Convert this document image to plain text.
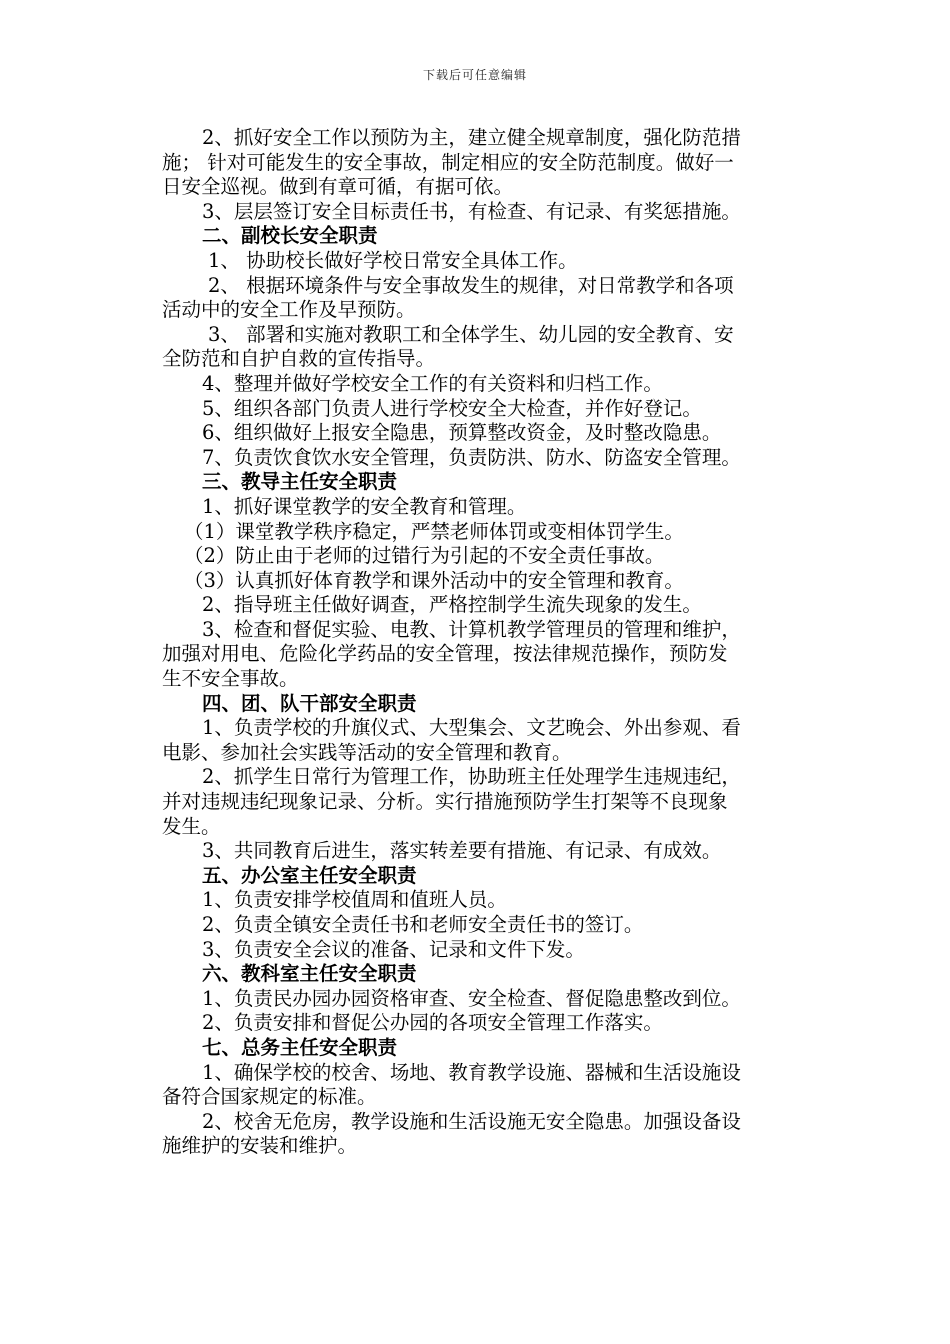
下载后可任意编辑
2、抓好安全工作以预防为主，建立健全规章制度，强化防范措
施； 针对可能发生的安全事故，制定相应的安全防范制度。做好一
日安全巡视。做到有章可循，有据可依。
3、层层签订安全目标责任书，有检查、有记录、有奖惩措施。
二、副校长安全职责
1、 协助校长做好学校日常安全具体工作。
2、 根据环境条件与安全事故发生的规律，对日常教学和各项
活动中的安全工作及早预防。
3、 部署和实施对教职工和全体学生、幼儿园的安全教育、安
全防范和自护自救的宣传指导。
4、整理并做好学校安全工作的有关资料和归档工作。
5、组织各部门负责人进行学校安全大检查，并作好登记。
6、组织做好上报安全隐患，预算整改资金，及时整改隐患。
7、负责饮食饮水安全管理，负责防洪、防水、防盗安全管理。
三、教导主任安全职责
1、抓好课堂教学的安全教育和管理。
（1）课堂教学秩序稳定，严禁老师体罚或变相体罚学生。
（2）防止由于老师的过错行为引起的不安全责任事故。
（3）认真抓好体育教学和课外活动中的安全管理和教育。
2、指导班主任做好调查，严格控制学生流失现象的发生。
3、检查和督促实验、电教、计算机教学管理员的管理和维护，
加强对用电、危险化学药品的安全管理，按法律规范操作，预防发
生不安全事故。
四、团、队干部安全职责
1、负责学校的升旗仪式、大型集会、文艺晚会、外出参观、看
电影、参加社会实践等活动的安全管理和教育。
2、抓学生日常行为管理工作，协助班主任处理学生违规违纪，
并对违规违纪现象记录、分析。实行措施预防学生打架等不良现象
发生。
3、共同教育后进生，落实转差要有措施、有记录、有成效。
五、办公室主任安全职责
1、负责安排学校值周和值班人员。
2、负责全镇安全责任书和老师安全责任书的签订。
3、负责安全会议的准备、记录和文件下发。
六、教科室主任安全职责
1、负责民办园办园资格审查、安全检查、督促隐患整改到位。
2、负责安排和督促公办园的各项安全管理工作落实。
七、总务主任安全职责
1、确保学校的校舍、场地、教育教学设施、器械和生活设施设
备符合国家规定的标准。
2、校舍无危房，教学设施和生活设施无安全隐患。加强设备设
施维护的安装和维护。
